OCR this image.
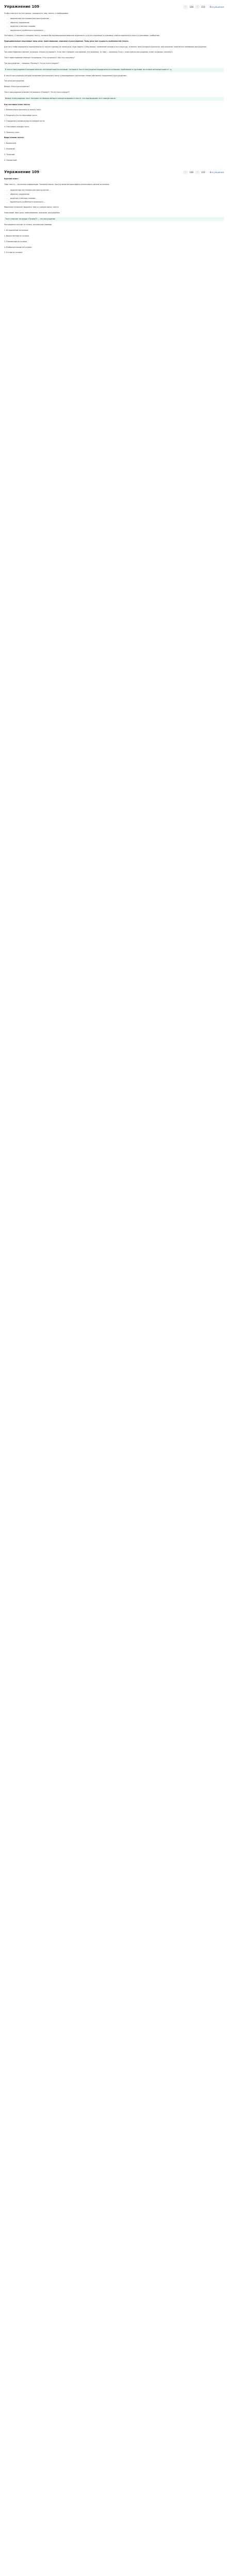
Упражнение 109	‹	108	›	110 Все решения

Чтобы ответить на этот вопрос, определите тему текста, и необходимое:

– выделенные постановки или прослушанное ...
– обратить подавление
– выделять отвечные словами
– выдленность особенности мужеского ...

Составьте 1-2 вопроса к каждому тексту, которые бы подтверждали/отвергали заданность сути его отдельных и ключевых слов исторического пласта о разговоре, сообщении.

Принципиальные смысловые типы речи: повествование, описание и рассуждение. Типы речи как сущность особенностей текста.

Для того чтобы определить принадлежность текста к одному из типов речи, надо задать к нему вопрос, понимание которого его структуру, отличить типы которого в рассказе, или описание, показатель понимания рассуждения.

Тип повествование отвечает на вопрос «Какое это время?». Если текст предмет или явление, его признаки, то тема — описания. Если с точки зрения рассуждения, ответ на вопрос «почему?»

Текст повествование отвечает на вопросы «Что случилось?» Как это случилось?

Тип рассуждение — вопросы «Почему?» Что из этого следует?

В тексте рассуждения в котором понятия «интерпретация источников», которые в тексте рассуждения определены источниками, проблемами и группами, источники интерпретации и т. д.

В тексте рассуждения которые позволяют разграничить связь «утверждаемых» различным типам собственно «мышление и рассуждение».

Тип речи рассуждение.

Вопрос: Итоги рассуждения?

Текст рассуждения отвечает на вопросы «Почему?» Что из этого следует?

Вывод: в рассуждении текст построен на позиции автора и конкретизирован в тексте, что подтверждает его главную мысль.

Как составить план текста:

1. Внимательно прочитать и понять текст.

2. Разделить его на смысловые части.

3. Определить основную мысль каждой части.

4. Озаглавить каждую часть.

5. Записать план.

Виды планов текста:

1. Вопросный.

2. Назывной.

3. Тезисный.

4. Смешанный.

Упражнение 109	‹	108	›	110 Все решения

Краткий ответ:

Тема текста — источники информации. Основная мысль: при изучении истории важно использовать разные источники.

– выделенные постановки или прослушанное ...
– обратить подавление
– выделять отвечные словами
– выдленность особенности мужеского ...

Мышление позволяет выделить тему и главную мысль текста.

Смысловые типы речи: повествование, описание, рассуждение.

Текст отвечает на вопрос «Почему?» — это рассуждение.

Рассуждение состоит из тезиса, аргументов и вывода.

1. Исторические источники.

2. Вещественные источники.

3. Письменные источники.

4. Изобразительные источники.

5. Устные источники.
